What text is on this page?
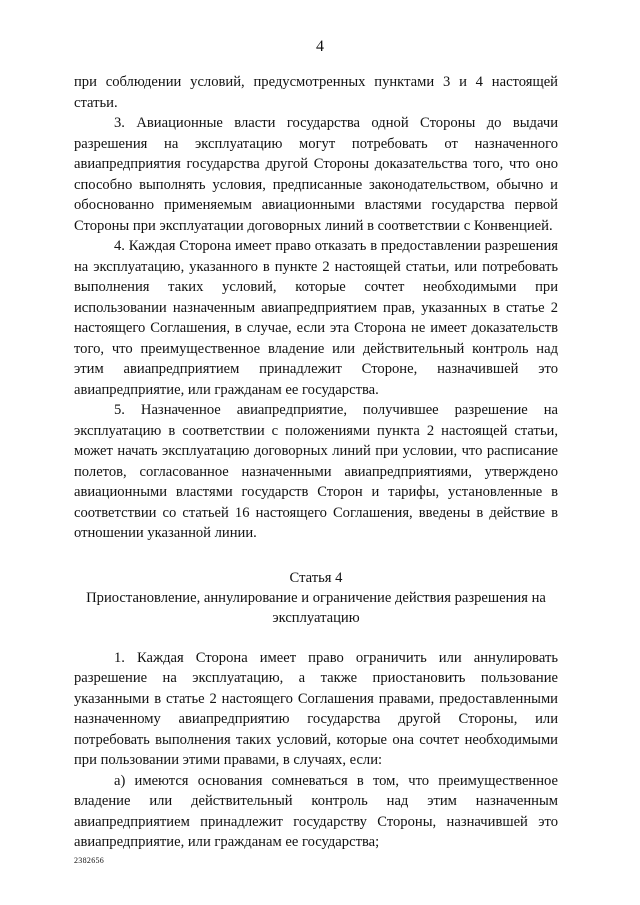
4

при соблюдении условий, предусмотренных пунктами 3 и 4 настоящей статьи.

3. Авиационные власти государства одной Стороны до выдачи разрешения на эксплуатацию могут потребовать от назначенного авиапредприятия государства другой Стороны доказательства того, что оно способно выполнять условия, предписанные законодательством, обычно и обоснованно применяемым авиационными властями государства первой Стороны при эксплуатации договорных линий в соответствии с Конвенцией.

4. Каждая Сторона имеет право отказать в предоставлении разрешения на эксплуатацию, указанного в пункте 2 настоящей статьи, или потребовать выполнения таких условий, которые сочтет необходимыми при использовании назначенным авиапредприятием прав, указанных в статье 2 настоящего Соглашения, в случае, если эта Сторона не имеет доказательств того, что преимущественное владение или действительный контроль над этим авиапредприятием принадлежит Стороне, назначившей это авиапредприятие, или гражданам ее государства.

5. Назначенное авиапредприятие, получившее разрешение на эксплуатацию в соответствии с положениями пункта 2 настоящей статьи, может начать эксплуатацию договорных линий при условии, что расписание полетов, согласованное назначенными авиапредприятиями, утверждено авиационными властями государств Сторон и тарифы, установленные в соответствии со статьей 16 настоящего Соглашения, введены в действие в отношении указанной линии.

Статья 4
Приостановление, аннулирование и ограничение действия разрешения на эксплуатацию

1. Каждая Сторона имеет право ограничить или аннулировать разрешение на эксплуатацию, а также приостановить пользование указанными в статье 2 настоящего Соглашения правами, предоставленными назначенному авиапредприятию государства другой Стороны, или потребовать выполнения таких условий, которые она сочтет необходимыми при пользовании этими правами, в случаях, если:

а) имеются основания сомневаться в том, что преимущественное владение или действительный контроль над этим назначенным авиапредприятием принадлежит государству Стороны, назначившей это авиапредприятие, или гражданам ее государства;

2382656
